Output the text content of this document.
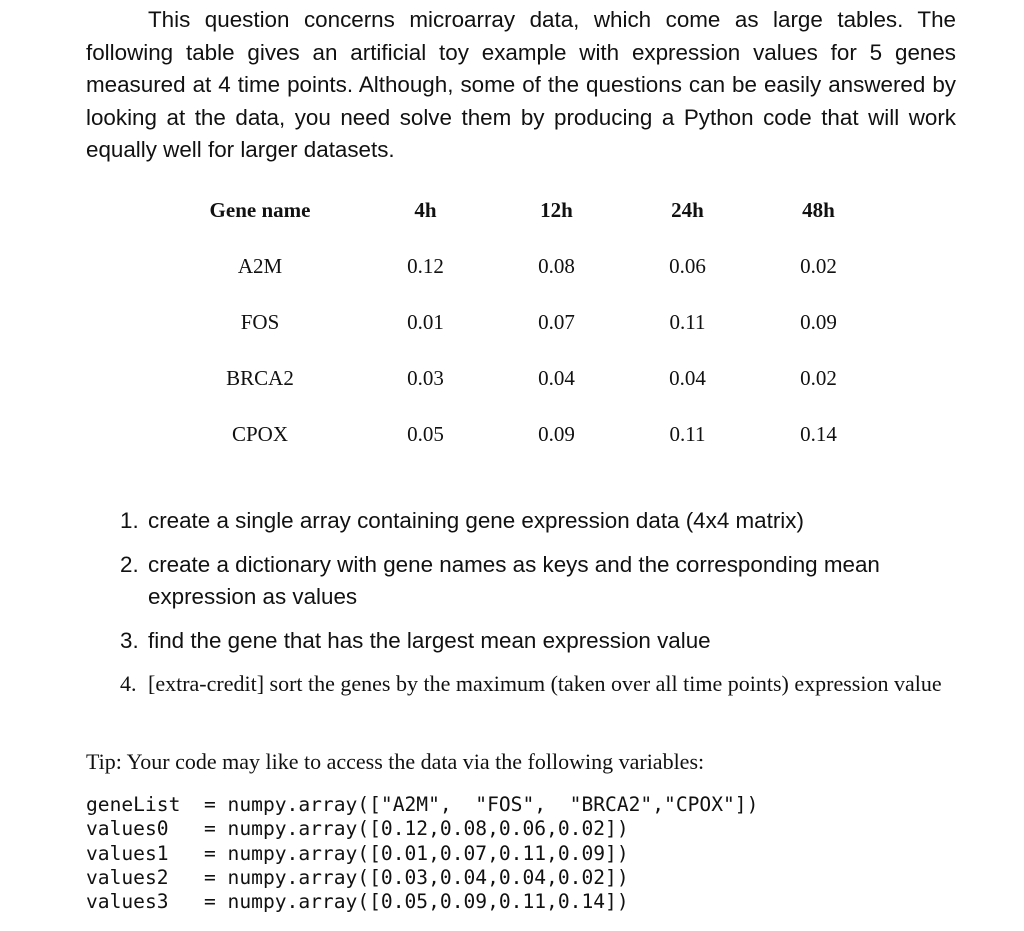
This question concerns microarray data, which come as large tables. The following table gives an artificial toy example with expression values for 5 genes measured at 4 time points. Although, some of the questions can be easily answered by looking at the data, you need solve them by producing a Python code that will work equally well for larger datasets.

Gene name	4h	12h	24h	48h
A2M	0.12	0.08	0.06	0.02
FOS	0.01	0.07	0.11	0.09
BRCA2	0.03	0.04	0.04	0.02
CPOX	0.05	0.09	0.11	0.14
1. create a single array containing gene expression data (4x4 matrix)
2. create a dictionary with gene names as keys and the corresponding mean expression as values
3. find the gene that has the largest mean expression value
4. [extra-credit] sort the genes by the maximum (taken over all time points) expression value

Tip: Your code may like to access the data via the following variables:

geneList  = numpy.array(["A2M",  "FOS",  "BRCA2","CPOX"])
values0   = numpy.array([0.12,0.08,0.06,0.02])
values1   = numpy.array([0.01,0.07,0.11,0.09])
values2   = numpy.array([0.03,0.04,0.04,0.02])
values3   = numpy.array([0.05,0.09,0.11,0.14])
